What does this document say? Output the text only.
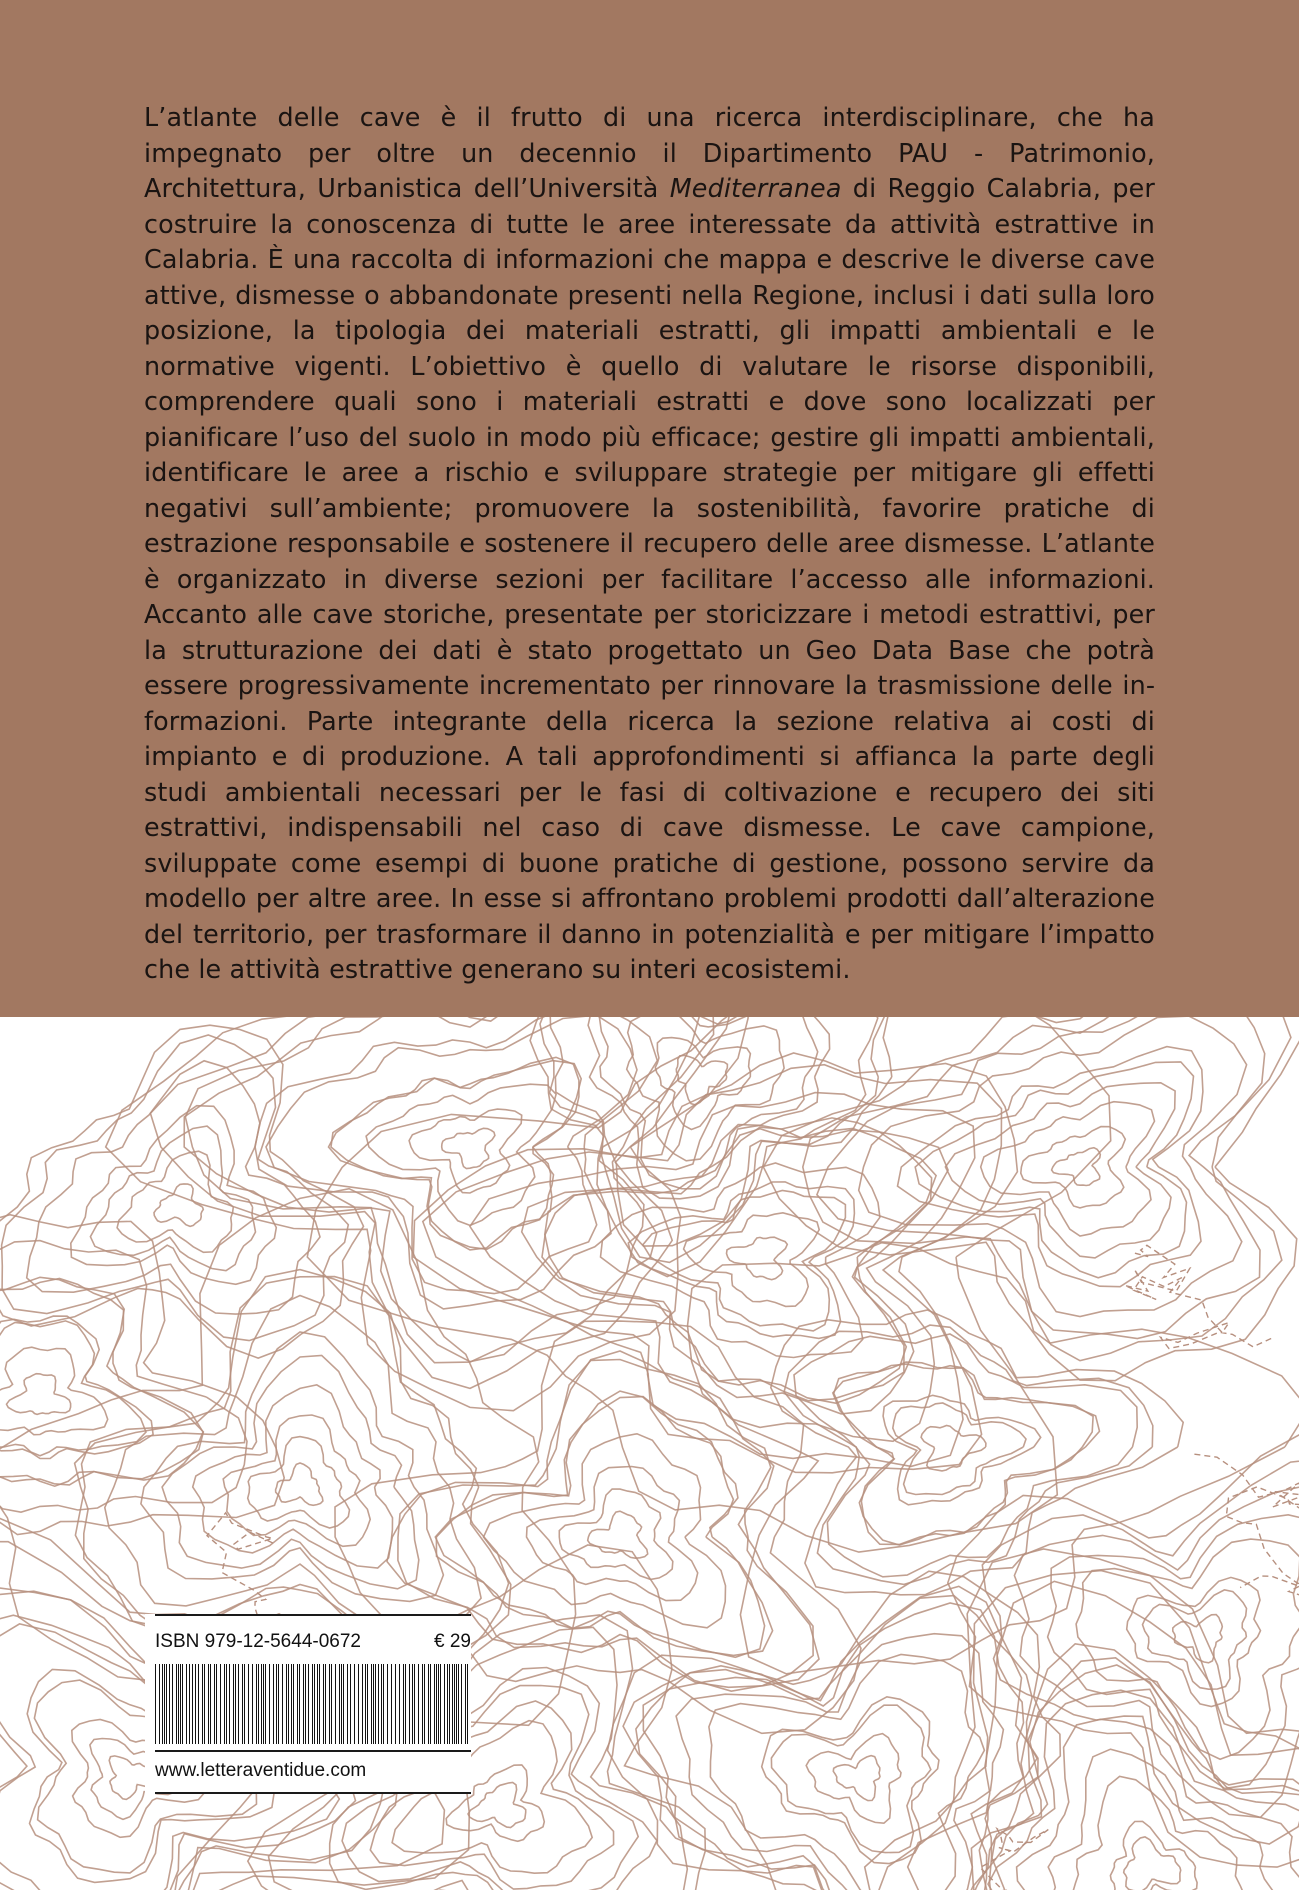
L’atlante delle cave è il frutto di una ricerca interdisciplinare, che ha impegnato per oltre un decennio il Dipartimento PAU - Patrimonio, Architettura, Urbanistica dell’Università Mediterranea di Reggio Calabria, per costruire la conoscenza di tutte le aree interessate da attività estrattive in Calabria. È una raccolta di informazioni che mappa e descrive le diverse cave attive, dismesse o abbandonate presenti nella Regione, inclusi i dati sulla loro posizione, la tipologia dei materiali estratti, gli impatti ambientali e le normative vigenti. L’obiettivo è quello di valutare le risorse disponibili, comprendere quali sono i materiali estratti e dove sono localizzati per pianificare l’uso del suolo in modo più efficace; gestire gli impatti ambientali, identificare le aree a rischio e sviluppare strategie per mitigare gli effetti negativi sull’ambiente; promuovere la sostenibilità, favorire pratiche di estrazione responsabile e sostenere il recupero delle aree dismesse. L’atlante è organizzato in diverse sezioni per facilitare l’accesso alle informazioni. Accanto alle cave storiche, presentate per storicizzare i metodi estrattivi, per la strutturazione dei dati è stato progettato un Geo Data Base che potrà essere progressivamente incrementato per rinnovare la trasmissione delle informazioni. Parte integrante della ricerca la sezione relativa ai costi di impianto e di produzione. A tali approfondimenti si affianca la parte degli studi ambientali necessari per le fasi di coltivazione e recupero dei siti estrattivi, indispensabili nel caso di cave dismesse. Le cave campione, sviluppate come esempi di buone pratiche di gestione, possono servire da modello per altre aree. In esse si affrontano problemi prodotti dall’alterazione del territorio, per trasformare il danno in potenzialità e per mitigare l’impatto che le attività estrattive generano su interi ecosistemi.

ISBN 979-12-5644-0672	€ 29
www.letteraventidue.com
